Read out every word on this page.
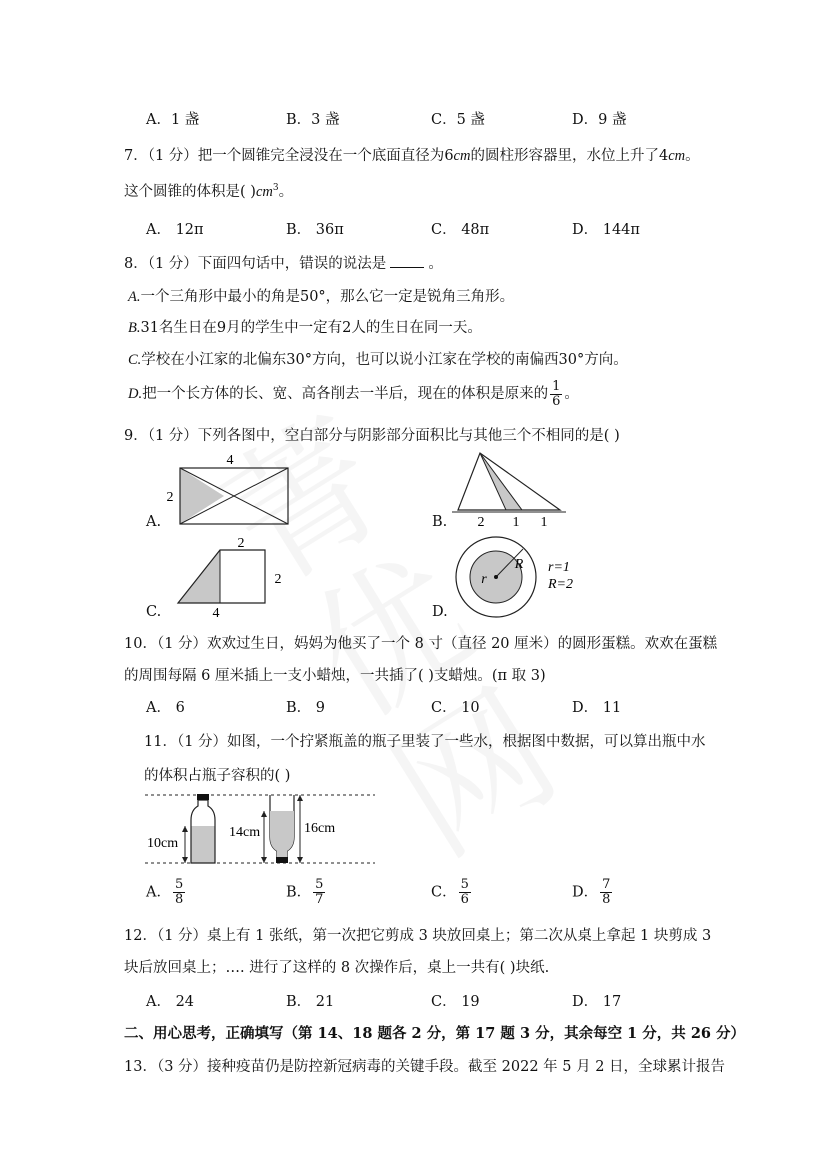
A．1 盏	B．3 盏	C．5 盏	D．9 盏
7．（1 分）把一个圆锥完全浸没在一个底面直径为6cm的圆柱形容器里，水位上升了4cm。
这个圆锥的体积是( )$cm^3$。
A． 12π	B． 36π	C． 48π	D． 144π
8．（1 分）下面四句话中，错误的说法是	。
A.一个三角形中最小的角是50°，那么它一定是锐角三角形。
B.31名生日在9月的学生中一定有2人的生日在同一天。
C.学校在小江家的北偏东30°方向，也可以说小江家在学校的南偏西30°方向。
D.把一个长方体的长、宽、高各削去一半后，现在的体积是原来的 $\frac{1}{6}$ 。
9．（1 分）下列各图中，空白部分与阴影部分面积比与其他三个不相同的是( )
A.
4
2
B. 2 1 1
C.
2
2
4	D.
R
r
r=1
R=2
10．（1 分）欢欢过生日，妈妈为他买了一个 8 寸（直径 20 厘米）的圆形蛋糕。欢欢在蛋糕
的周围每隔 6 厘米插上一支小蜡烛，一共插了( )支蜡烛。(π 取 3)
A． 6	B． 9	C． 10	D． 11
11．（1 分）如图，一个拧紧瓶盖的瓶子里装了一些水，根据图中数据，可以算出瓶中水
的体积占瓶子容积的( )
10cm
14cm	16cm
A． $\frac{5}{8}$	B． $\frac{5}{7}$	C． $\frac{5}{6}$	D． $\frac{7}{8}$
12．（1 分）桌上有 1 张纸，第一次把它剪成 3 块放回桌上；第二次从桌上拿起 1 块剪成 3
块后放回桌上；…. 进行了这样的 8 次操作后，桌上一共有( )块纸.
A． 24	B． 21	C． 19	D． 17
二、用心思考，正确填写（第 14、18 题各 2 分，第 17 题 3 分，其余每空 1 分，共 26 分）
13．（3 分）接种疫苗仍是防控新冠病毒的关键手段。截至 2022 年 5 月 2 日，全球累计报告
